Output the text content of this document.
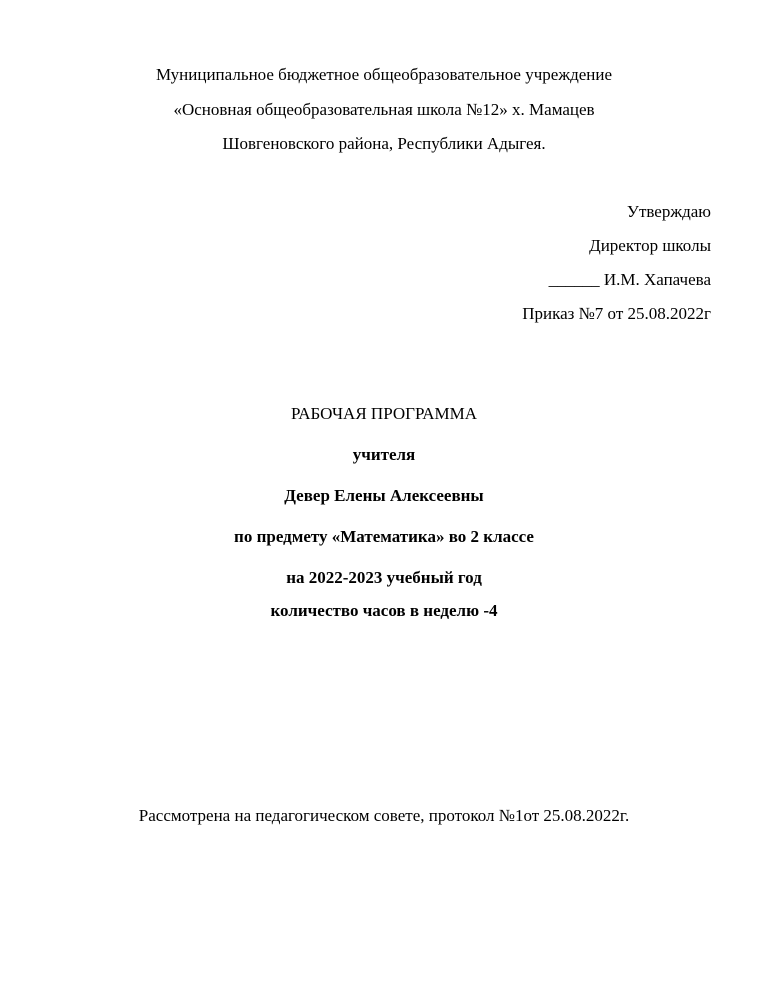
Муниципальное бюджетное общеобразовательное учреждение
«Основная общеобразовательная школа №12» х. Мамацев
Шовгеновского района, Республики Адыгея.
Утверждаю
Директор школы
______ И.М. Хапачева
Приказ №7 от 25.08.2022г
РАБОЧАЯ ПРОГРАММА
учителя
Девер Елены Алексеевны
по предмету «Математика» во 2 классе
на 2022-2023 учебный год
количество часов в неделю -4
Рассмотрена на педагогическом совете, протокол №1от 25.08.2022г.
